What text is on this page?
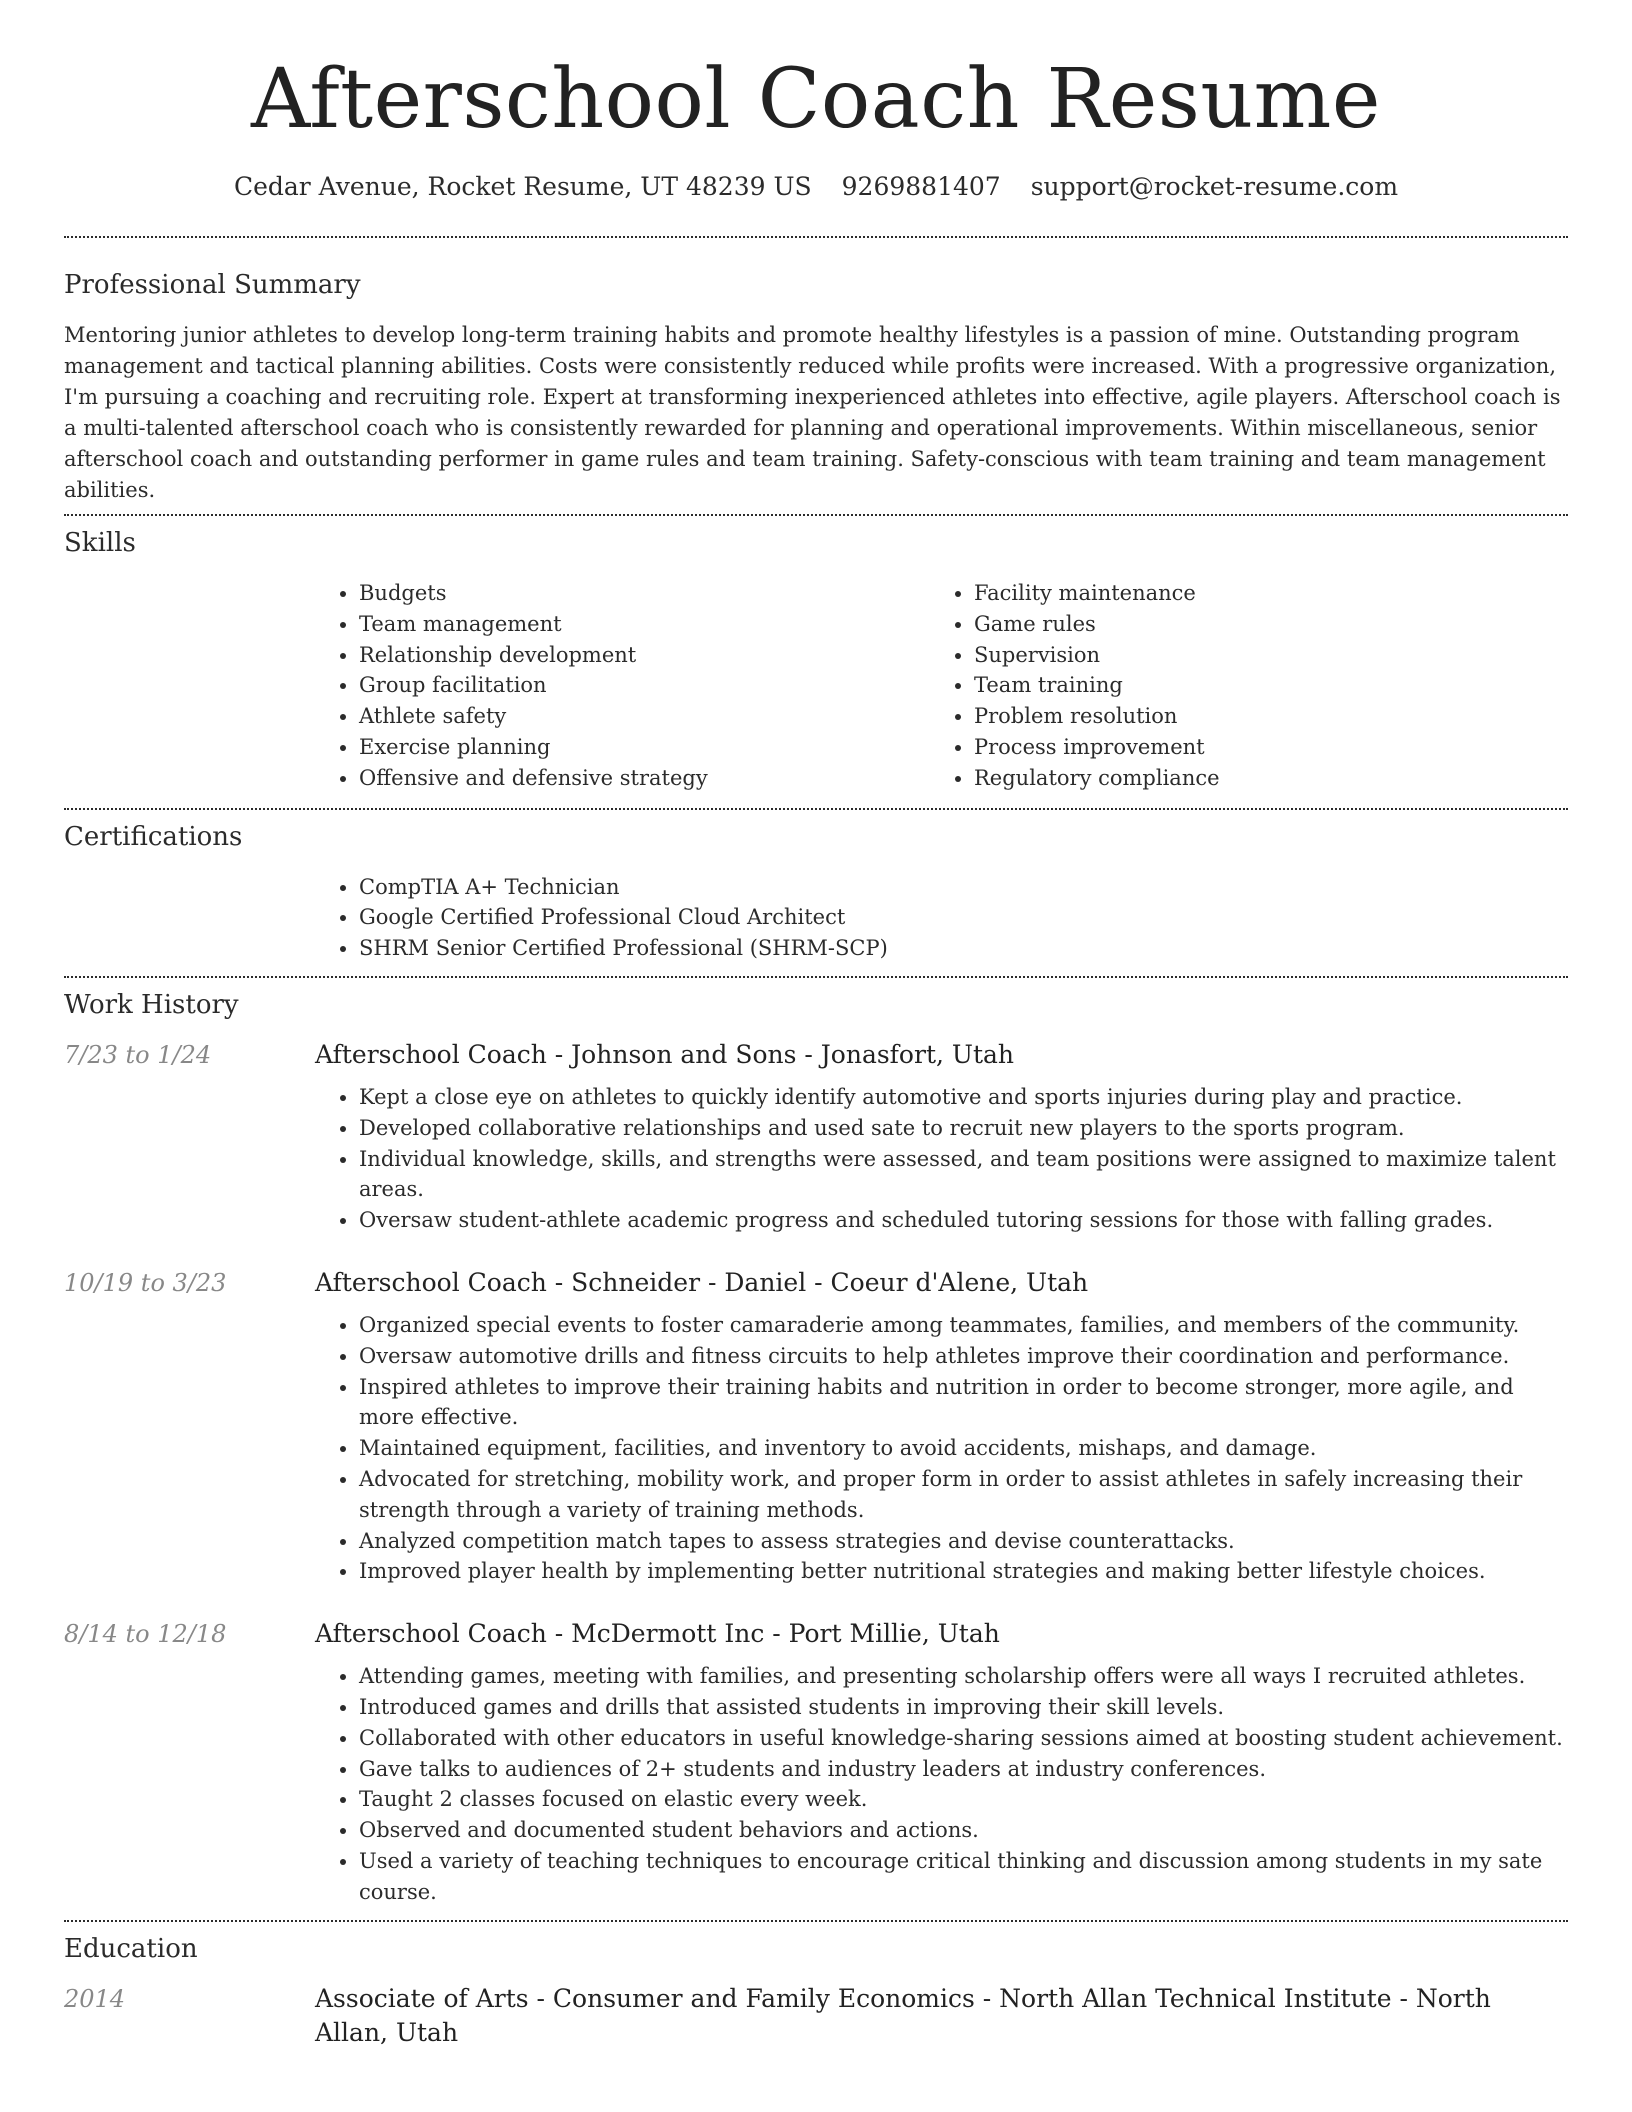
Afterschool Coach Resume
Cedar Avenue, Rocket Resume, UT 48239 US 9269881407 support@rocket-resume.com
Professional Summary

Mentoring junior athletes to develop long-term training habits and promote healthy lifestyles is a passion of mine. Outstanding program management and tactical planning abilities. Costs were consistently reduced while profits were increased. With a progressive organization, I'm pursuing a coaching and recruiting role. Expert at transforming inexperienced athletes into effective, agile players. Afterschool coach is a multi-talented afterschool coach who is consistently rewarded for planning and operational improvements. Within miscellaneous, senior afterschool coach and outstanding performer in game rules and team training. Safety-conscious with team training and team management abilities.

Skills
• Budgets
• Team management
• Relationship development
• Group facilitation
• Athlete safety
• Exercise planning
• Offensive and defensive strategy
• Facility maintenance
• Game rules
• Supervision
• Team training
• Problem resolution
• Process improvement
• Regulatory compliance
Certifications
• CompTIA A+ Technician
• Google Certified Professional Cloud Architect
• SHRM Senior Certified Professional (SHRM-SCP)
Work History
7/23 to 1/24	Afterschool Coach - Johnson and Sons - Jonasfort, Utah
• Kept a close eye on athletes to quickly identify automotive and sports injuries during play and practice.
• Developed collaborative relationships and used sate to recruit new players to the sports program.
• Individual knowledge, skills, and strengths were assessed, and team positions were assigned to maximize talent areas.
• Oversaw student-athlete academic progress and scheduled tutoring sessions for those with falling grades.
10/19 to 3/23	Afterschool Coach - Schneider - Daniel - Coeur d'Alene, Utah
• Organized special events to foster camaraderie among teammates, families, and members of the community.
• Oversaw automotive drills and fitness circuits to help athletes improve their coordination and performance.
• Inspired athletes to improve their training habits and nutrition in order to become stronger, more agile, and more effective.
• Maintained equipment, facilities, and inventory to avoid accidents, mishaps, and damage.
• Advocated for stretching, mobility work, and proper form in order to assist athletes in safely increasing their strength through a variety of training methods.
• Analyzed competition match tapes to assess strategies and devise counterattacks.
• Improved player health by implementing better nutritional strategies and making better lifestyle choices.
8/14 to 12/18	Afterschool Coach - McDermott Inc - Port Millie, Utah
• Attending games, meeting with families, and presenting scholarship offers were all ways I recruited athletes.
• Introduced games and drills that assisted students in improving their skill levels.
• Collaborated with other educators in useful knowledge-sharing sessions aimed at boosting student achievement.
• Gave talks to audiences of 2+ students and industry leaders at industry conferences.
• Taught 2 classes focused on elastic every week.
• Observed and documented student behaviors and actions.
• Used a variety of teaching techniques to encourage critical thinking and discussion among students in my sate course.
Education
2014	Associate of Arts - Consumer and Family Economics - North Allan Technical Institute - North Allan, Utah
